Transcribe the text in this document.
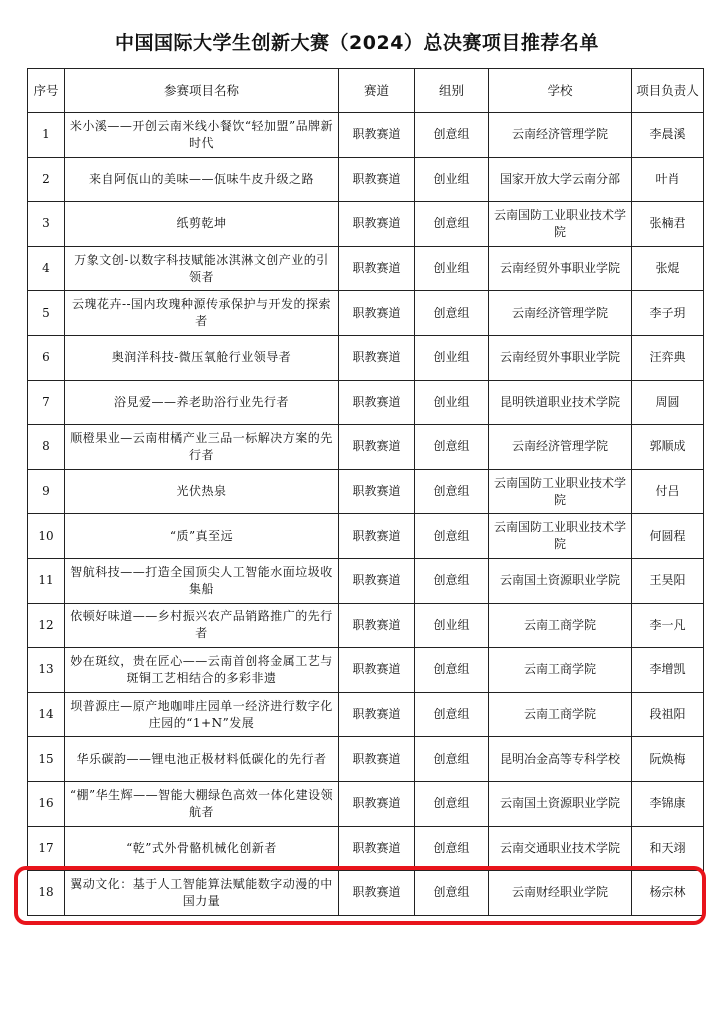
中国国际大学生创新大赛（2024）总决赛项目推荐名单
序号	参赛项目名称	赛道	组别	学校	项目负责人
1	米小溪——开创云南米线小餐饮“轻加盟”品牌新时代	职教赛道	创意组	云南经济管理学院	李晨溪
2	来自阿佤山的美味——佤味牛皮升级之路	职教赛道	创业组	国家开放大学云南分部	叶肖
3	纸剪乾坤	职教赛道	创意组	云南国防工业职业技术学院	张楠君
4	万象文创-以数字科技赋能冰淇淋文创产业的引领者	职教赛道	创业组	云南经贸外事职业学院	张焜
5	云瑰花卉--国内玫瑰种源传承保护与开发的探索者	职教赛道	创意组	云南经济管理学院	李子玥
6	奥润洋科技-微压氧舱行业领导者	职教赛道	创业组	云南经贸外事职业学院	汪弈典
7	浴見爱——养老助浴行业先行者	职教赛道	创业组	昆明铁道职业技术学院	周圆
8	顺橙果业—云南柑橘产业三品一标解决方案的先行者	职教赛道	创意组	云南经济管理学院	郭顺成
9	光伏热泉	职教赛道	创意组	云南国防工业职业技术学院	付吕
10	“质”真至远	职教赛道	创意组	云南国防工业职业技术学院	何圆程
11	智航科技——打造全国顶尖人工智能水面垃圾收集船	职教赛道	创意组	云南国土资源职业学院	王昊阳
12	依顿好味道——乡村振兴农产品销路推广的先行者	职教赛道	创业组	云南工商学院	李一凡
13	妙在斑纹，贵在匠心——云南首创将金属工艺与斑铜工艺相结合的多彩非遗	职教赛道	创意组	云南工商学院	李增凯
14	坝普源庄—原产地咖啡庄园单一经济进行数字化庄园的“1+N”发展	职教赛道	创意组	云南工商学院	段祖阳
15	华乐碳韵——锂电池正极材料低碳化的先行者	职教赛道	创意组	昆明冶金高等专科学校	阮焕梅
16	“棚”华生辉——智能大棚绿色高效一体化建设领航者	职教赛道	创意组	云南国土资源职业学院	李锦康
17	“乾”式外骨骼机械化创新者	职教赛道	创意组	云南交通职业技术学院	和天翊
18	翼动文化：基于人工智能算法赋能数字动漫的中国力量	职教赛道	创意组	云南财经职业学院	杨宗林
